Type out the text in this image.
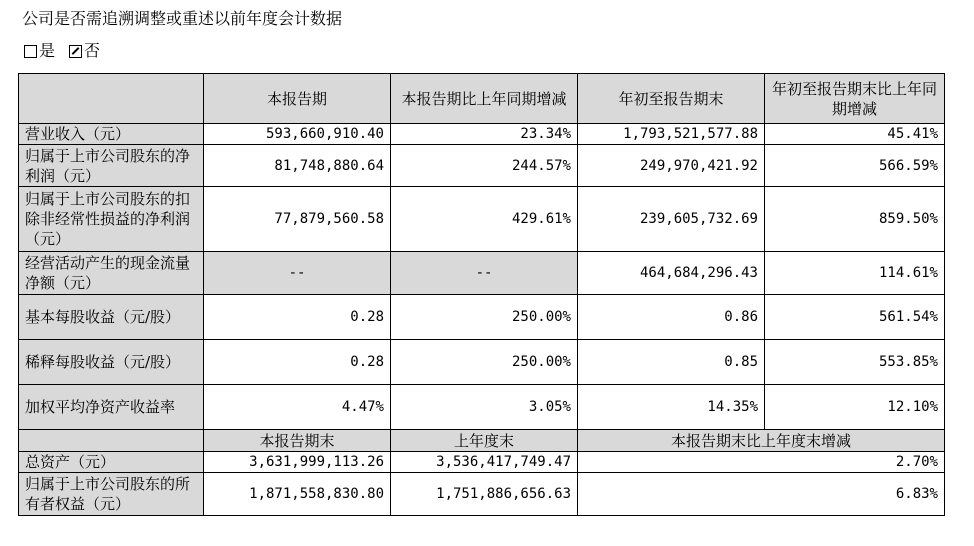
公司是否需追溯调整或重述以前年度会计数据
是 否
	本报告期	本报告期比上年同期增减	年初至报告期末	年初至报告期末比上年同期增减
营业收入（元）	593,660,910.40	23.34%	1,793,521,577.88	45.41%
归属于上市公司股东的净利润（元）	81,748,880.64	244.57%	249,970,421.92	566.59%
归属于上市公司股东的扣除非经常性损益的净利润（元）	77,879,560.58	429.61%	239,605,732.69	859.50%
经营活动产生的现金流量净额（元）	--	--	464,684,296.43	114.61%
基本每股收益（元/股）	0.28	250.00%	0.86	561.54%
稀释每股收益（元/股）	0.28	250.00%	0.85	553.85%
加权平均净资产收益率	4.47%	3.05%	14.35%	12.10%
	本报告期末	上年度末	本报告期末比上年度末增减	
总资产（元）	3,631,999,113.26	3,536,417,749.47	2.70%	
归属于上市公司股东的所有者权益（元）	1,871,558,830.80	1,751,886,656.63	6.83%	
